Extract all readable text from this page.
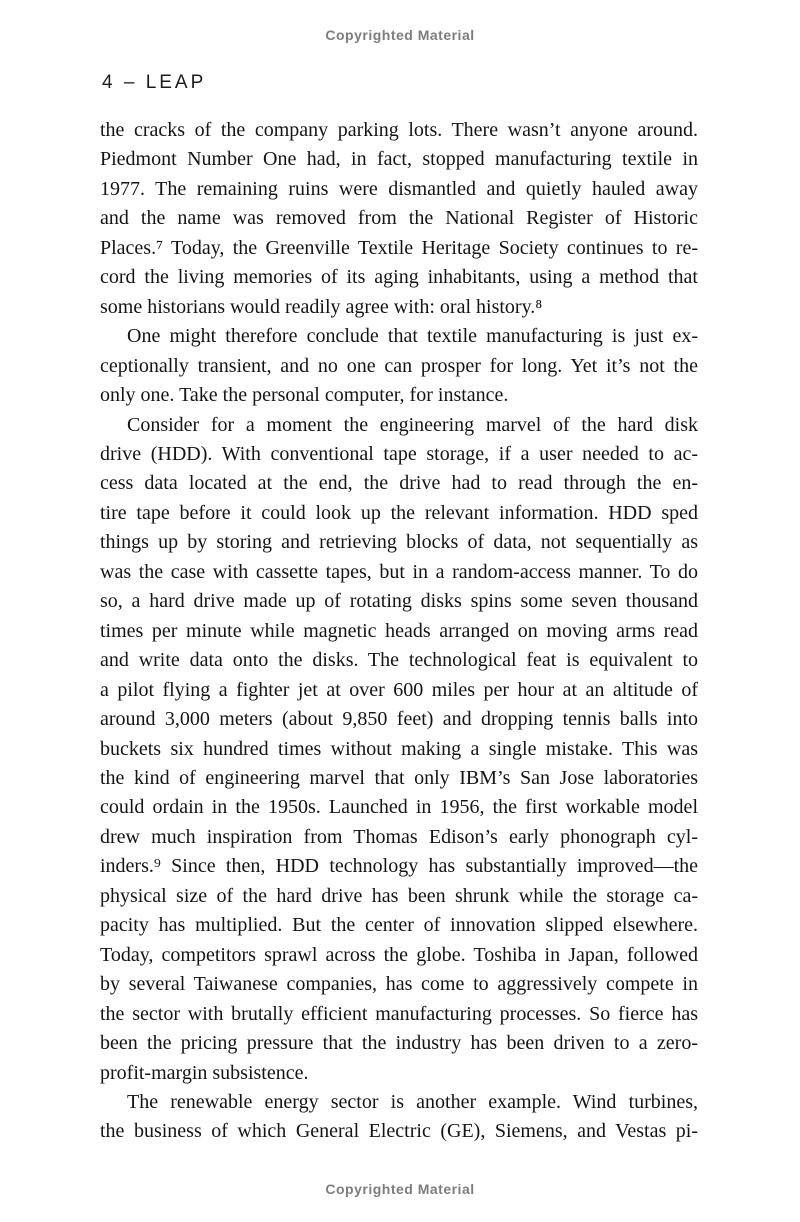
Copyrighted Material
4 – LEAP
the cracks of the company parking lots. There wasn’t anyone around.
Piedmont Number One had, in fact, stopped manufacturing textile in
1977. The remaining ruins were dismantled and quietly hauled away
and the name was removed from the National Register of Historic
Places.⁷ Today, the Greenville Textile Heritage Society continues to re-
cord the living memories of its aging inhabitants, using a method that
some historians would readily agree with: oral history.⁸
One might therefore conclude that textile manufacturing is just ex-
ceptionally transient, and no one can prosper for long. Yet it’s not the
only one. Take the personal computer, for instance.
Consider for a moment the engineering marvel of the hard disk
drive (HDD). With conventional tape storage, if a user needed to ac-
cess data located at the end, the drive had to read through the en-
tire tape before it could look up the relevant information. HDD sped
things up by storing and retrieving blocks of data, not sequentially as
was the case with cassette tapes, but in a random-access manner. To do
so, a hard drive made up of rotating disks spins some seven thousand
times per minute while magnetic heads arranged on moving arms read
and write data onto the disks. The technological feat is equivalent to
a pilot flying a fighter jet at over 600 miles per hour at an altitude of
around 3,000 meters (about 9,850 feet) and dropping tennis balls into
buckets six hundred times without making a single mistake. This was
the kind of engineering marvel that only IBM’s San Jose laboratories
could ordain in the 1950s. Launched in 1956, the first workable model
drew much inspiration from Thomas Edison’s early phonograph cyl-
inders.⁹ Since then, HDD technology has substantially improved—the
physical size of the hard drive has been shrunk while the storage ca-
pacity has multiplied. But the center of innovation slipped elsewhere.
Today, competitors sprawl across the globe. Toshiba in Japan, followed
by several Taiwanese companies, has come to aggressively compete in
the sector with brutally efficient manufacturing processes. So fierce has
been the pricing pressure that the industry has been driven to a zero-
profit-margin subsistence.
The renewable energy sector is another example. Wind turbines,
the business of which General Electric (GE), Siemens, and Vestas pi-
Copyrighted Material
